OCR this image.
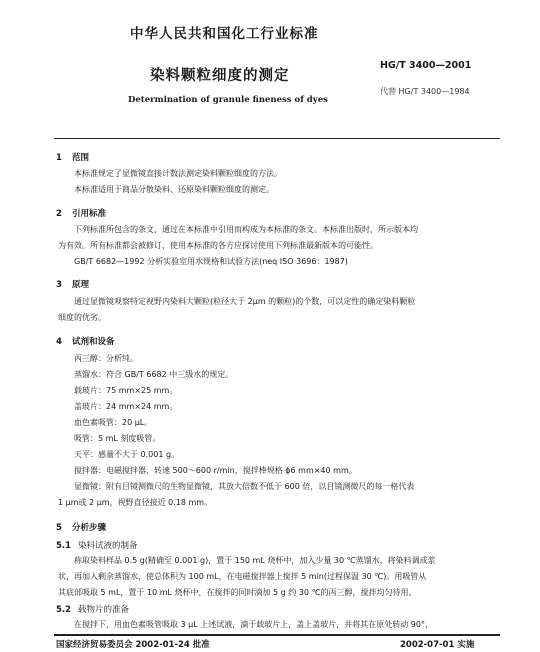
中华人民共和国化工行业标准
染料颗粒细度的测定
HG/T 3400—2001
代替 HG/T 3400—1984
Determination of granule fineness of dyes
1 范围
本标准规定了显微镜直接计数法测定染料颗粒细度的方法。
本标准适用于商品分散染料、还原染料颗粒细度的测定。
2 引用标准
下列标准所包含的条文，通过在本标准中引用而构成为本标准的条文。本标准出版时，所示版本均
为有效。所有标准都会被修订，使用本标准的各方应探讨使用下列标准最新版本的可能性。
GB/T 6682—1992 分析实验室用水规格和试验方法(neq ISO 3696：1987)
3 原理
通过显微镜观察特定视野内染料大颗粒(粒径大于 2μm 的颗粒)的个数，可以定性的确定染料颗粒
细度的优劣。
4 试剂和设备
丙三醇：分析纯。
蒸馏水：符合 GB/T 6682 中三级水的规定。
载玻片：75 mm×25 mm。
盖玻片：24 mm×24 mm。
血色素吸管：20 μL。
吸管：5 mL 刻度吸管。
天平：感量不大于 0.001 g。
搅拌器：电磁搅拌器，转速 500～600 r/min，搅拌棒规格 ϕ6 mm×40 mm。
显微镜：附有目镜测微尺的生物显微镜，其放大倍数不低于 600 倍，以目镜测微尺的每一格代表
1 μm或 2 μm，视野直径接近 0.18 mm。
5 分析步骤
5.1 染料试液的制备
称取染料样品 0.5 g(精确至 0.001 g)，置于 150 mL 烧杯中，加入少量 30 ℃蒸馏水，将染料调成浆
状，再加入剩余蒸馏水，使总体积为 100 mL，在电磁搅拌器上搅拌 5 min(过程保温 30 ℃)。用吸管从
其底部吸取 5 mL，置于 10 mL 烧杯中，在搅拌的同时滴加 5 g 约 30 ℃的丙三醇，搅拌均匀待用。
5.2 载物片的准备
在搅拌下，用血色素吸管吸取 3 μL 上述试液，滴于载玻片上，盖上盖玻片，并将其在原处转动 90°，
国家经济贸易委员会 2002-01-24 批准	2002-07-01 实施
